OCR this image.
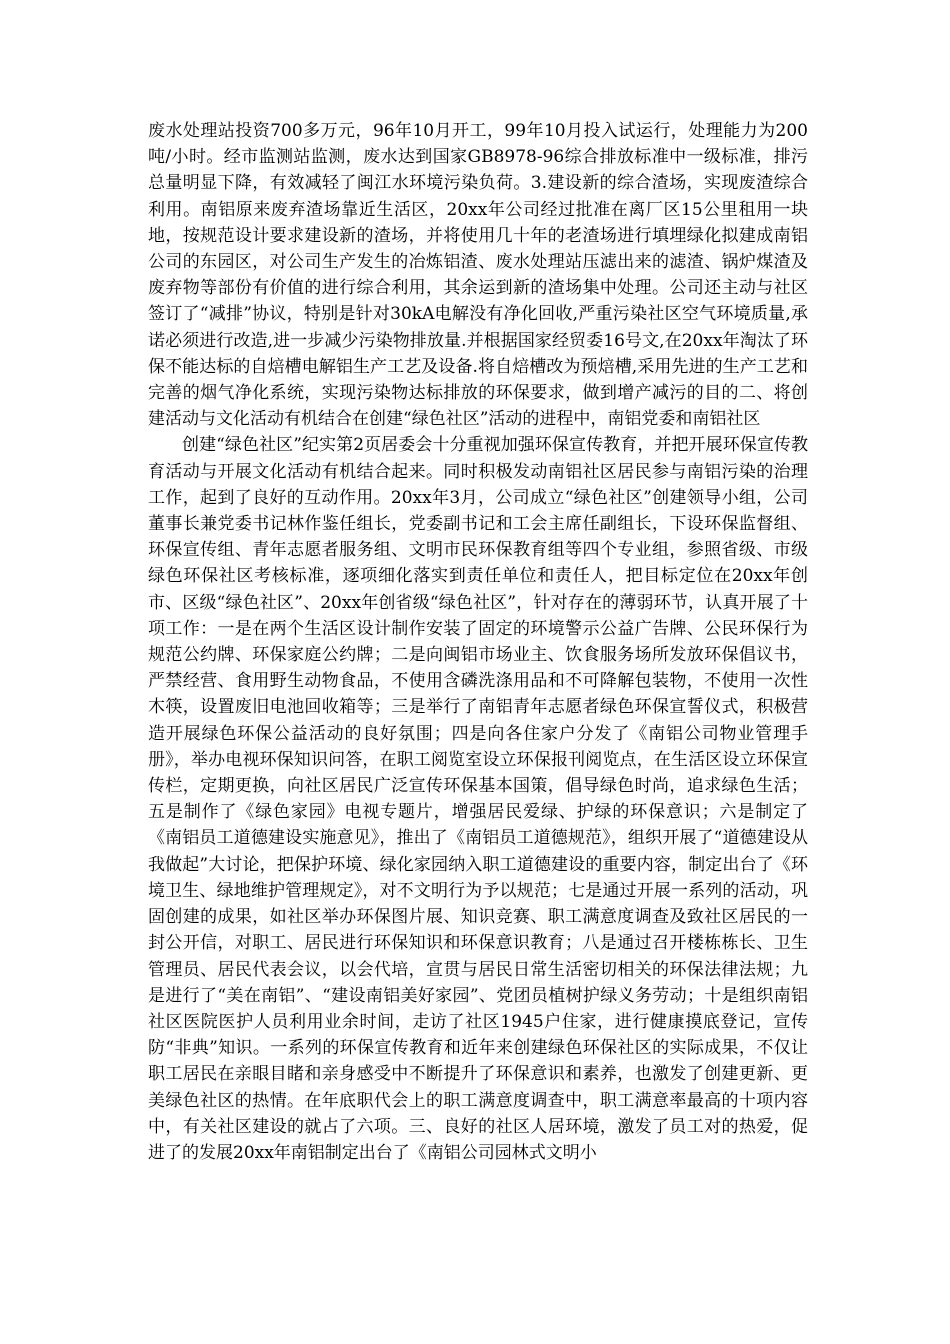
废水处理站投资700多万元，96年10月开工，99年10月投入试运行，处理能力为200吨/小时。经市监测站监测，废水达到国家GB8978-96综合排放标准中一级标准，排污总量明显下降，有效减轻了闽江水环境污染负荷。3.建设新的综合渣场，实现废渣综合利用。南铝原来废弃渣场靠近生活区，20xx年公司经过批准在离厂区15公里租用一块地，按规范设计要求建设新的渣场，并将使用几十年的老渣场进行填埋绿化拟建成南铝公司的东园区，对公司生产发生的冶炼铝渣、废水处理站压滤出来的滤渣、锅炉煤渣及废弃物等部份有价值的进行综合利用，其余运到新的渣场集中处理。公司还主动与社区签订了“减排”协议，特别是针对30kA电解没有净化回收,严重污染社区空气环境质量,承诺必须进行改造,进一步减少污染物排放量.并根据国家经贸委16号文,在20xx年淘汰了环保不能达标的自焙槽电解铝生产工艺及设备.将自焙槽改为预焙槽,采用先进的生产工艺和完善的烟气净化系统，实现污染物达标排放的环保要求，做到增产减污的目的二、将创建活动与文化活动有机结合在创建“绿色社区”活动的进程中，南铝党委和南铝社区

创建“绿色社区”纪实第2页居委会十分重视加强环保宣传教育，并把开展环保宣传教育活动与开展文化活动有机结合起来。同时积极发动南铝社区居民参与南铝污染的治理工作，起到了良好的互动作用。20xx年3月，公司成立“绿色社区”创建领导小组，公司董事长兼党委书记林作鉴任组长，党委副书记和工会主席任副组长，下设环保监督组、环保宣传组、青年志愿者服务组、文明市民环保教育组等四个专业组，参照省级、市级绿色环保社区考核标准，逐项细化落实到责任单位和责任人，把目标定位在20xx年创市、区级“绿色社区”、20xx年创省级“绿色社区”，针对存在的薄弱环节，认真开展了十项工作：一是在两个生活区设计制作安装了固定的环境警示公益广告牌、公民环保行为规范公约牌、环保家庭公约牌；二是向闽铝市场业主、饮食服务场所发放环保倡议书，严禁经营、食用野生动物食品，不使用含磷洗涤用品和不可降解包装物，不使用一次性木筷，设置废旧电池回收箱等；三是举行了南铝青年志愿者绿色环保宣誓仪式，积极营造开展绿色环保公益活动的良好氛围；四是向各住家户分发了《南铝公司物业管理手册》，举办电视环保知识问答，在职工阅览室设立环保报刊阅览点，在生活区设立环保宣传栏，定期更换，向社区居民广泛宣传环保基本国策，倡导绿色时尚，追求绿色生活；五是制作了《绿色家园》电视专题片，增强居民爱绿、护绿的环保意识；六是制定了《南铝员工道德建设实施意见》，推出了《南铝员工道德规范》，组织开展了“道德建设从我做起”大讨论，把保护环境、绿化家园纳入职工道德建设的重要内容，制定出台了《环境卫生、绿地维护管理规定》，对不文明行为予以规范；七是通过开展一系列的活动，巩固创建的成果，如社区举办环保图片展、知识竞赛、职工满意度调查及致社区居民的一封公开信，对职工、居民进行环保知识和环保意识教育；八是通过召开楼栋栋长、卫生管理员、居民代表会议，以会代培，宣贯与居民日常生活密切相关的环保法律法规；九是进行了“美在南铝”、“建设南铝美好家园”、党团员植树护绿义务劳动；十是组织南铝社区医院医护人员利用业余时间，走访了社区1945户住家，进行健康摸底登记，宣传防“非典”知识。一系列的环保宣传教育和近年来创建绿色环保社区的实际成果，不仅让职工居民在亲眼目睹和亲身感受中不断提升了环保意识和素养，也激发了创建更新、更美绿色社区的热情。在年底职代会上的职工满意度调查中，职工满意率最高的十项内容中，有关社区建设的就占了六项。三、良好的社区人居环境，激发了员工对的热爱，促进了的发展20xx年南铝制定出台了《南铝公司园林式文明小
